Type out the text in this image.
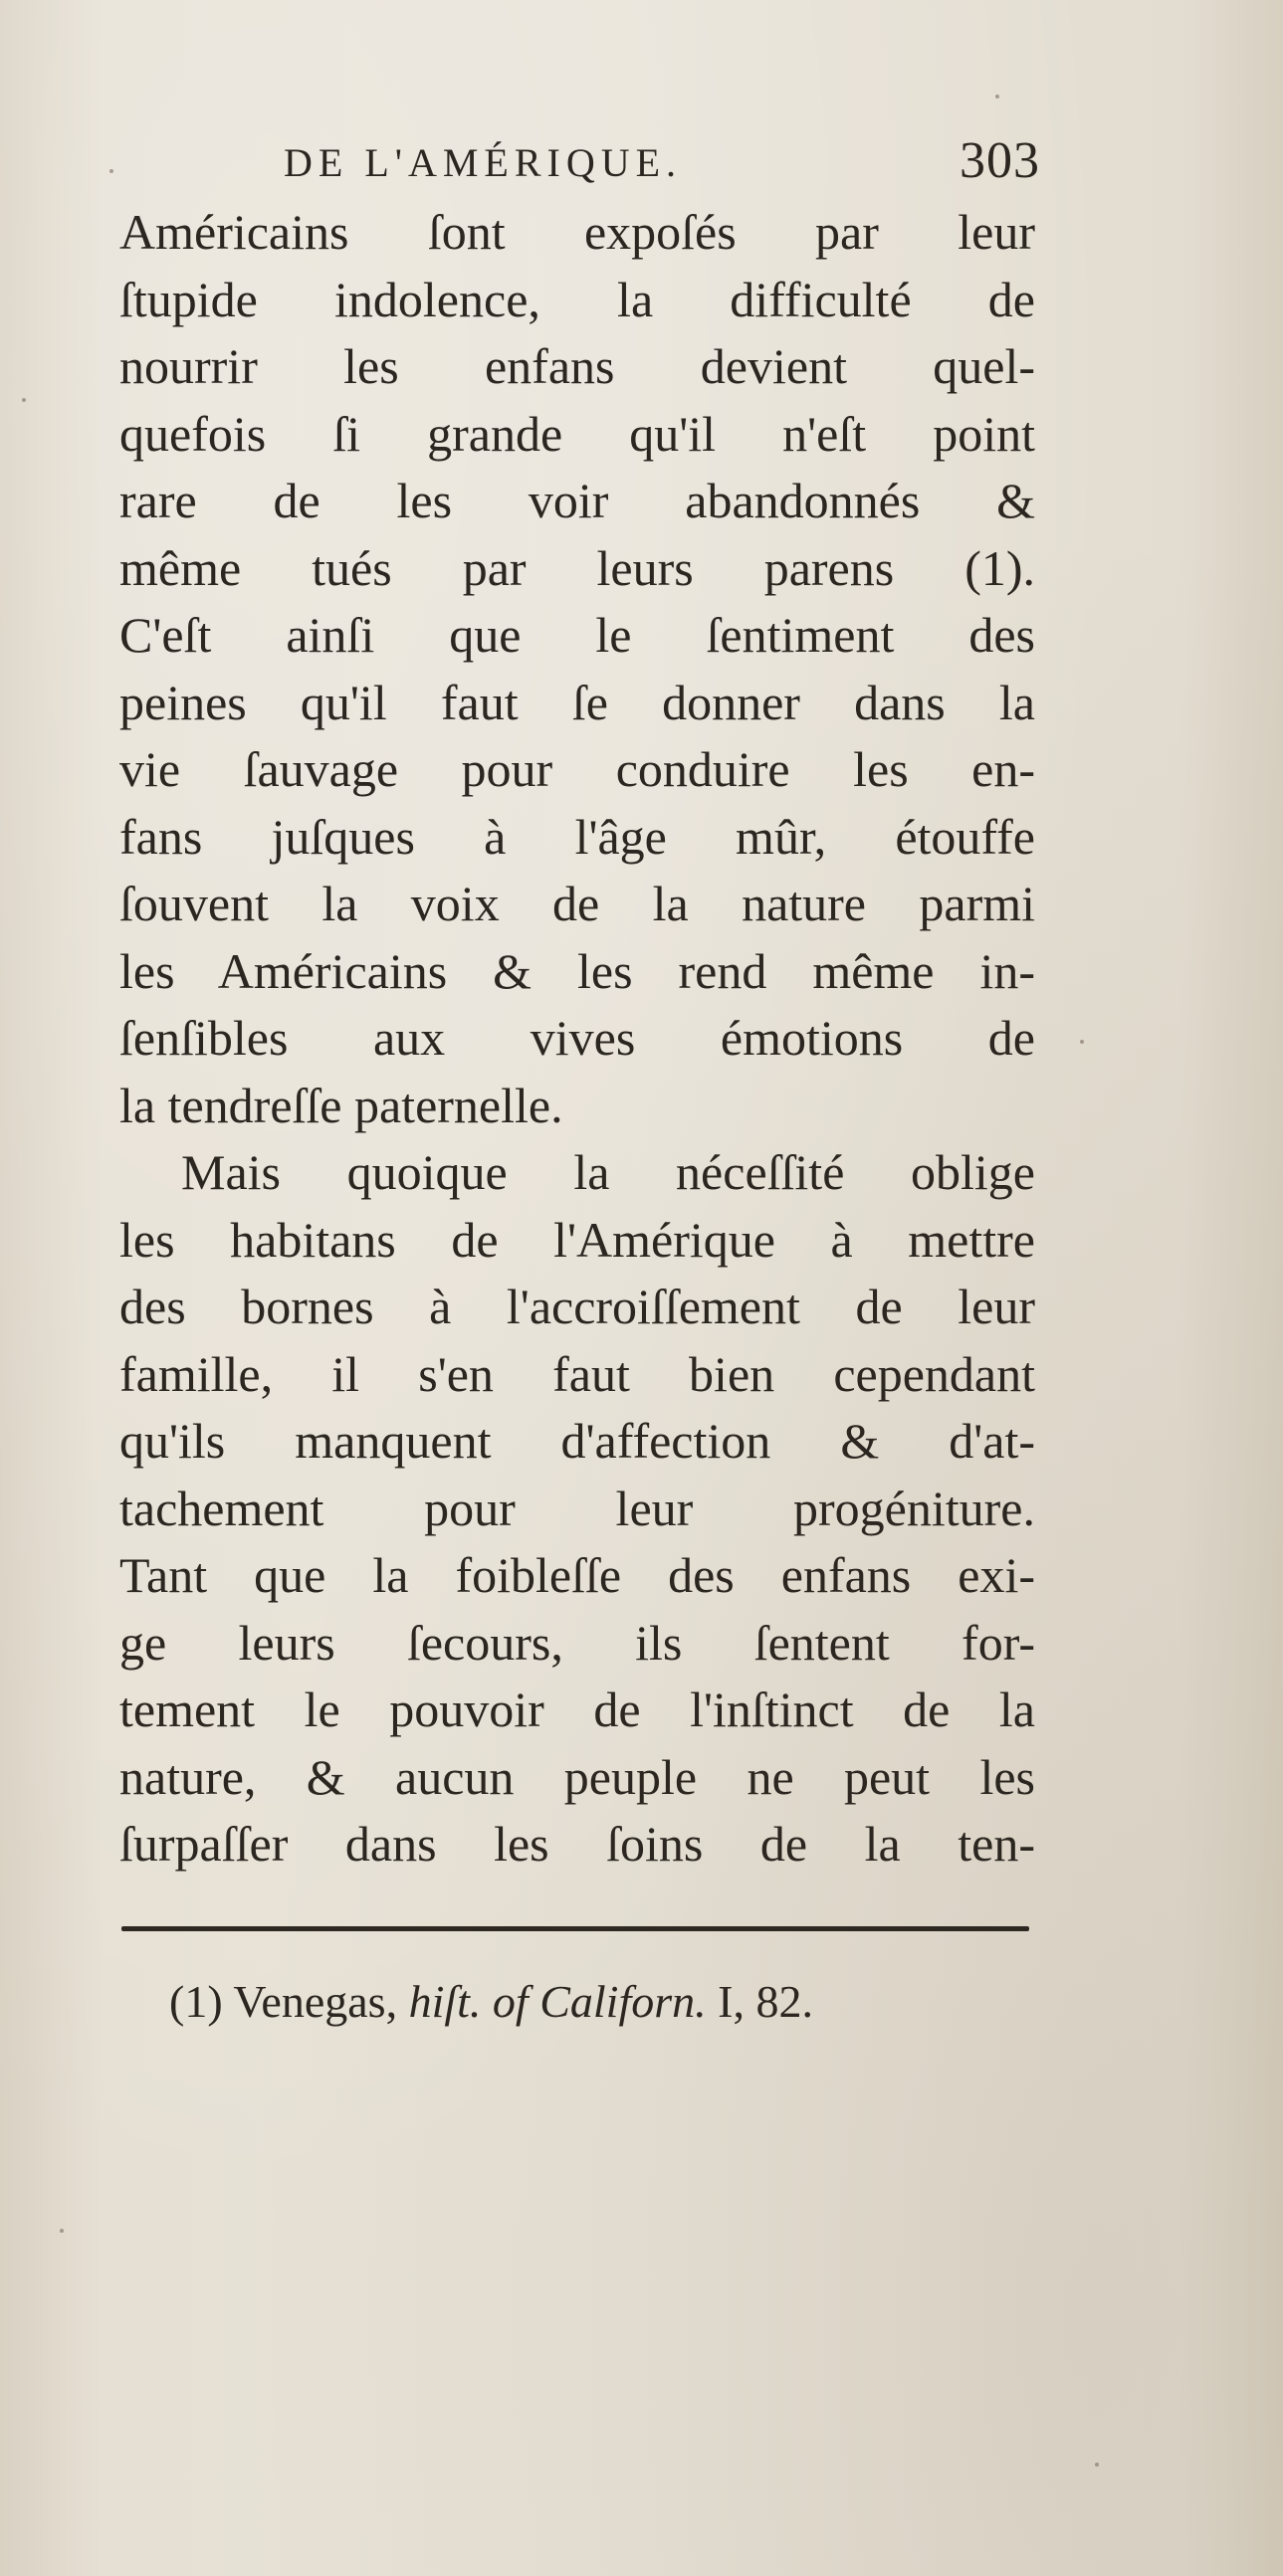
DE L'AMÉRIQUE.	303
Américains ſont expoſés par leur
ſtupide indolence, la difficulté de
nourrir les enfans devient quel-
quefois ſi grande qu'il n'eſt point
rare de les voir abandonnés &
même tués par leurs parens (1).
C'eſt ainſi que le ſentiment des
peines qu'il faut ſe donner dans la
vie ſauvage pour conduire les en-
fans juſques à l'âge mûr, étouffe
ſouvent la voix de la nature parmi
les Américains & les rend même in-
ſenſibles aux vives émotions de
la tendreſſe paternelle.
Mais quoique la néceſſité oblige
les habitans de l'Amérique à mettre
des bornes à l'accroiſſement de leur
famille, il s'en faut bien cependant
qu'ils manquent d'affection & d'at-
tachement pour leur progéniture.
Tant que la foibleſſe des enfans exi-
ge leurs ſecours, ils ſentent for-
tement le pouvoir de l'inſtinct de la
nature, & aucun peuple ne peut les
ſurpaſſer dans les ſoins de la ten-
(1) Venegas, hiſt. of Californ. I, 82.
